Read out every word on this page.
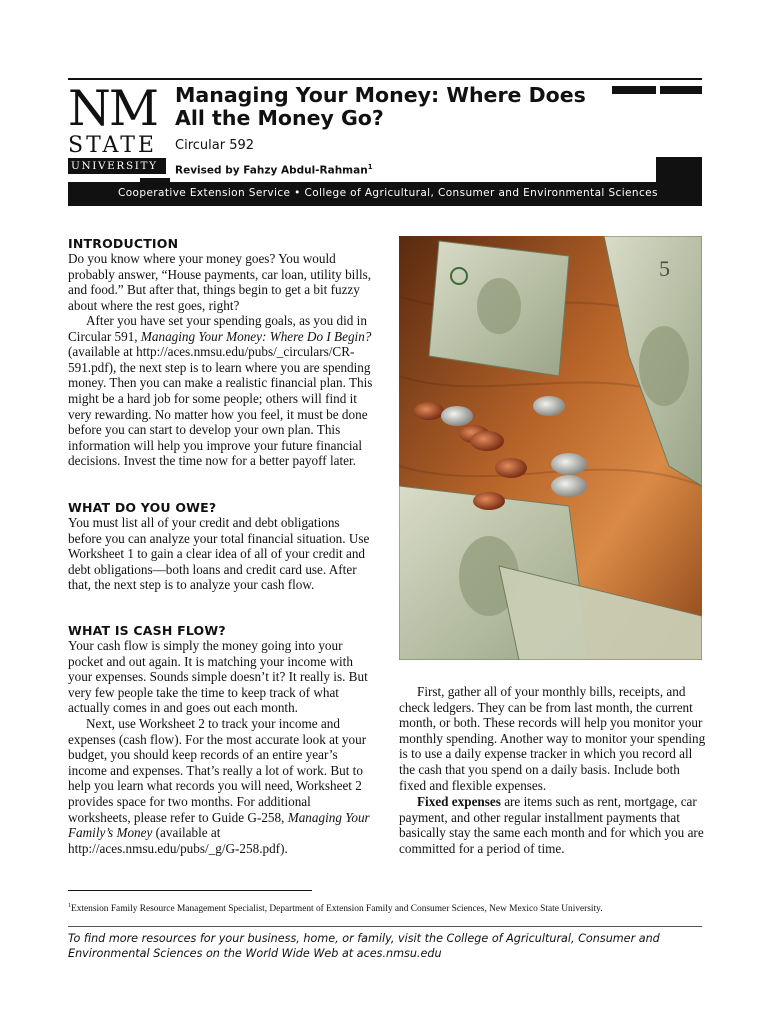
NM
STATE
UNIVERSITY
Managing Your Money: Where Does
All the Money Go?
Circular 592
Revised by Fahzy Abdul-Rahman$^1$
Cooperative Extension Service • College of Agricultural, Consumer and Environmental Sciences
INTRODUCTION

Do you know where your money goes? You would probably answer, “House payments, car loan, utility bills, and food.” But after that, things begin to get a bit fuzzy about where the rest goes, right?

After you have set your spending goals, as you did in Circular 591, Managing Your Money: Where Do I Begin? (available at http://aces.nmsu.edu/pubs/_circulars/CR-591.pdf), the next step is to learn where you are spending money. Then you can make a realistic financial plan. This might be a hard job for some people; others will find it very rewarding. No matter how you feel, it must be done before you can start to develop your own plan. This information will help you improve your future financial decisions. Invest the time now for a better payoff later.

WHAT DO YOU OWE?

You must list all of your credit and debt obligations before you can analyze your total financial situation. Use Worksheet 1 to gain a clear idea of all of your credit and debt obligations—both loans and credit card use. After that, the next step is to analyze your cash flow.

WHAT IS CASH FLOW?

Your cash flow is simply the money going into your pocket and out again. It is matching your income with your expenses. Sounds simple doesn’t it? It really is. But very few people take the time to keep track of what actually comes in and goes out each month.

Next, use Worksheet 2 to track your income and expenses (cash flow). For the most accurate look at your budget, you should keep records of an entire year’s income and expenses. That’s really a lot of work. But to help you learn what records you will need, Worksheet 2 provides space for two months. For additional worksheets, please refer to Guide G-258, Managing Your Family’s Money (available at http://aces.nmsu.edu/pubs/_g/G-258.pdf).

5

First, gather all of your monthly bills, receipts, and check ledgers. They can be from last month, the current month, or both. These records will help you monitor your monthly spending. Another way to monitor your spending is to use a daily expense tracker in which you record all the cash that you spend on a daily basis. Include both fixed and flexible expenses.

Fixed expenses are items such as rent, mortgage, car payment, and other regular installment payments that basically stay the same each month and for which you are committed for a period of time.

$^1$Extension Family Resource Management Specialist, Department of Extension Family and Consumer Sciences, New Mexico State University.
To find more resources for your business, home, or family, visit the College of Agricultural, Consumer and Environmental Sciences on the World Wide Web at aces.nmsu.edu
